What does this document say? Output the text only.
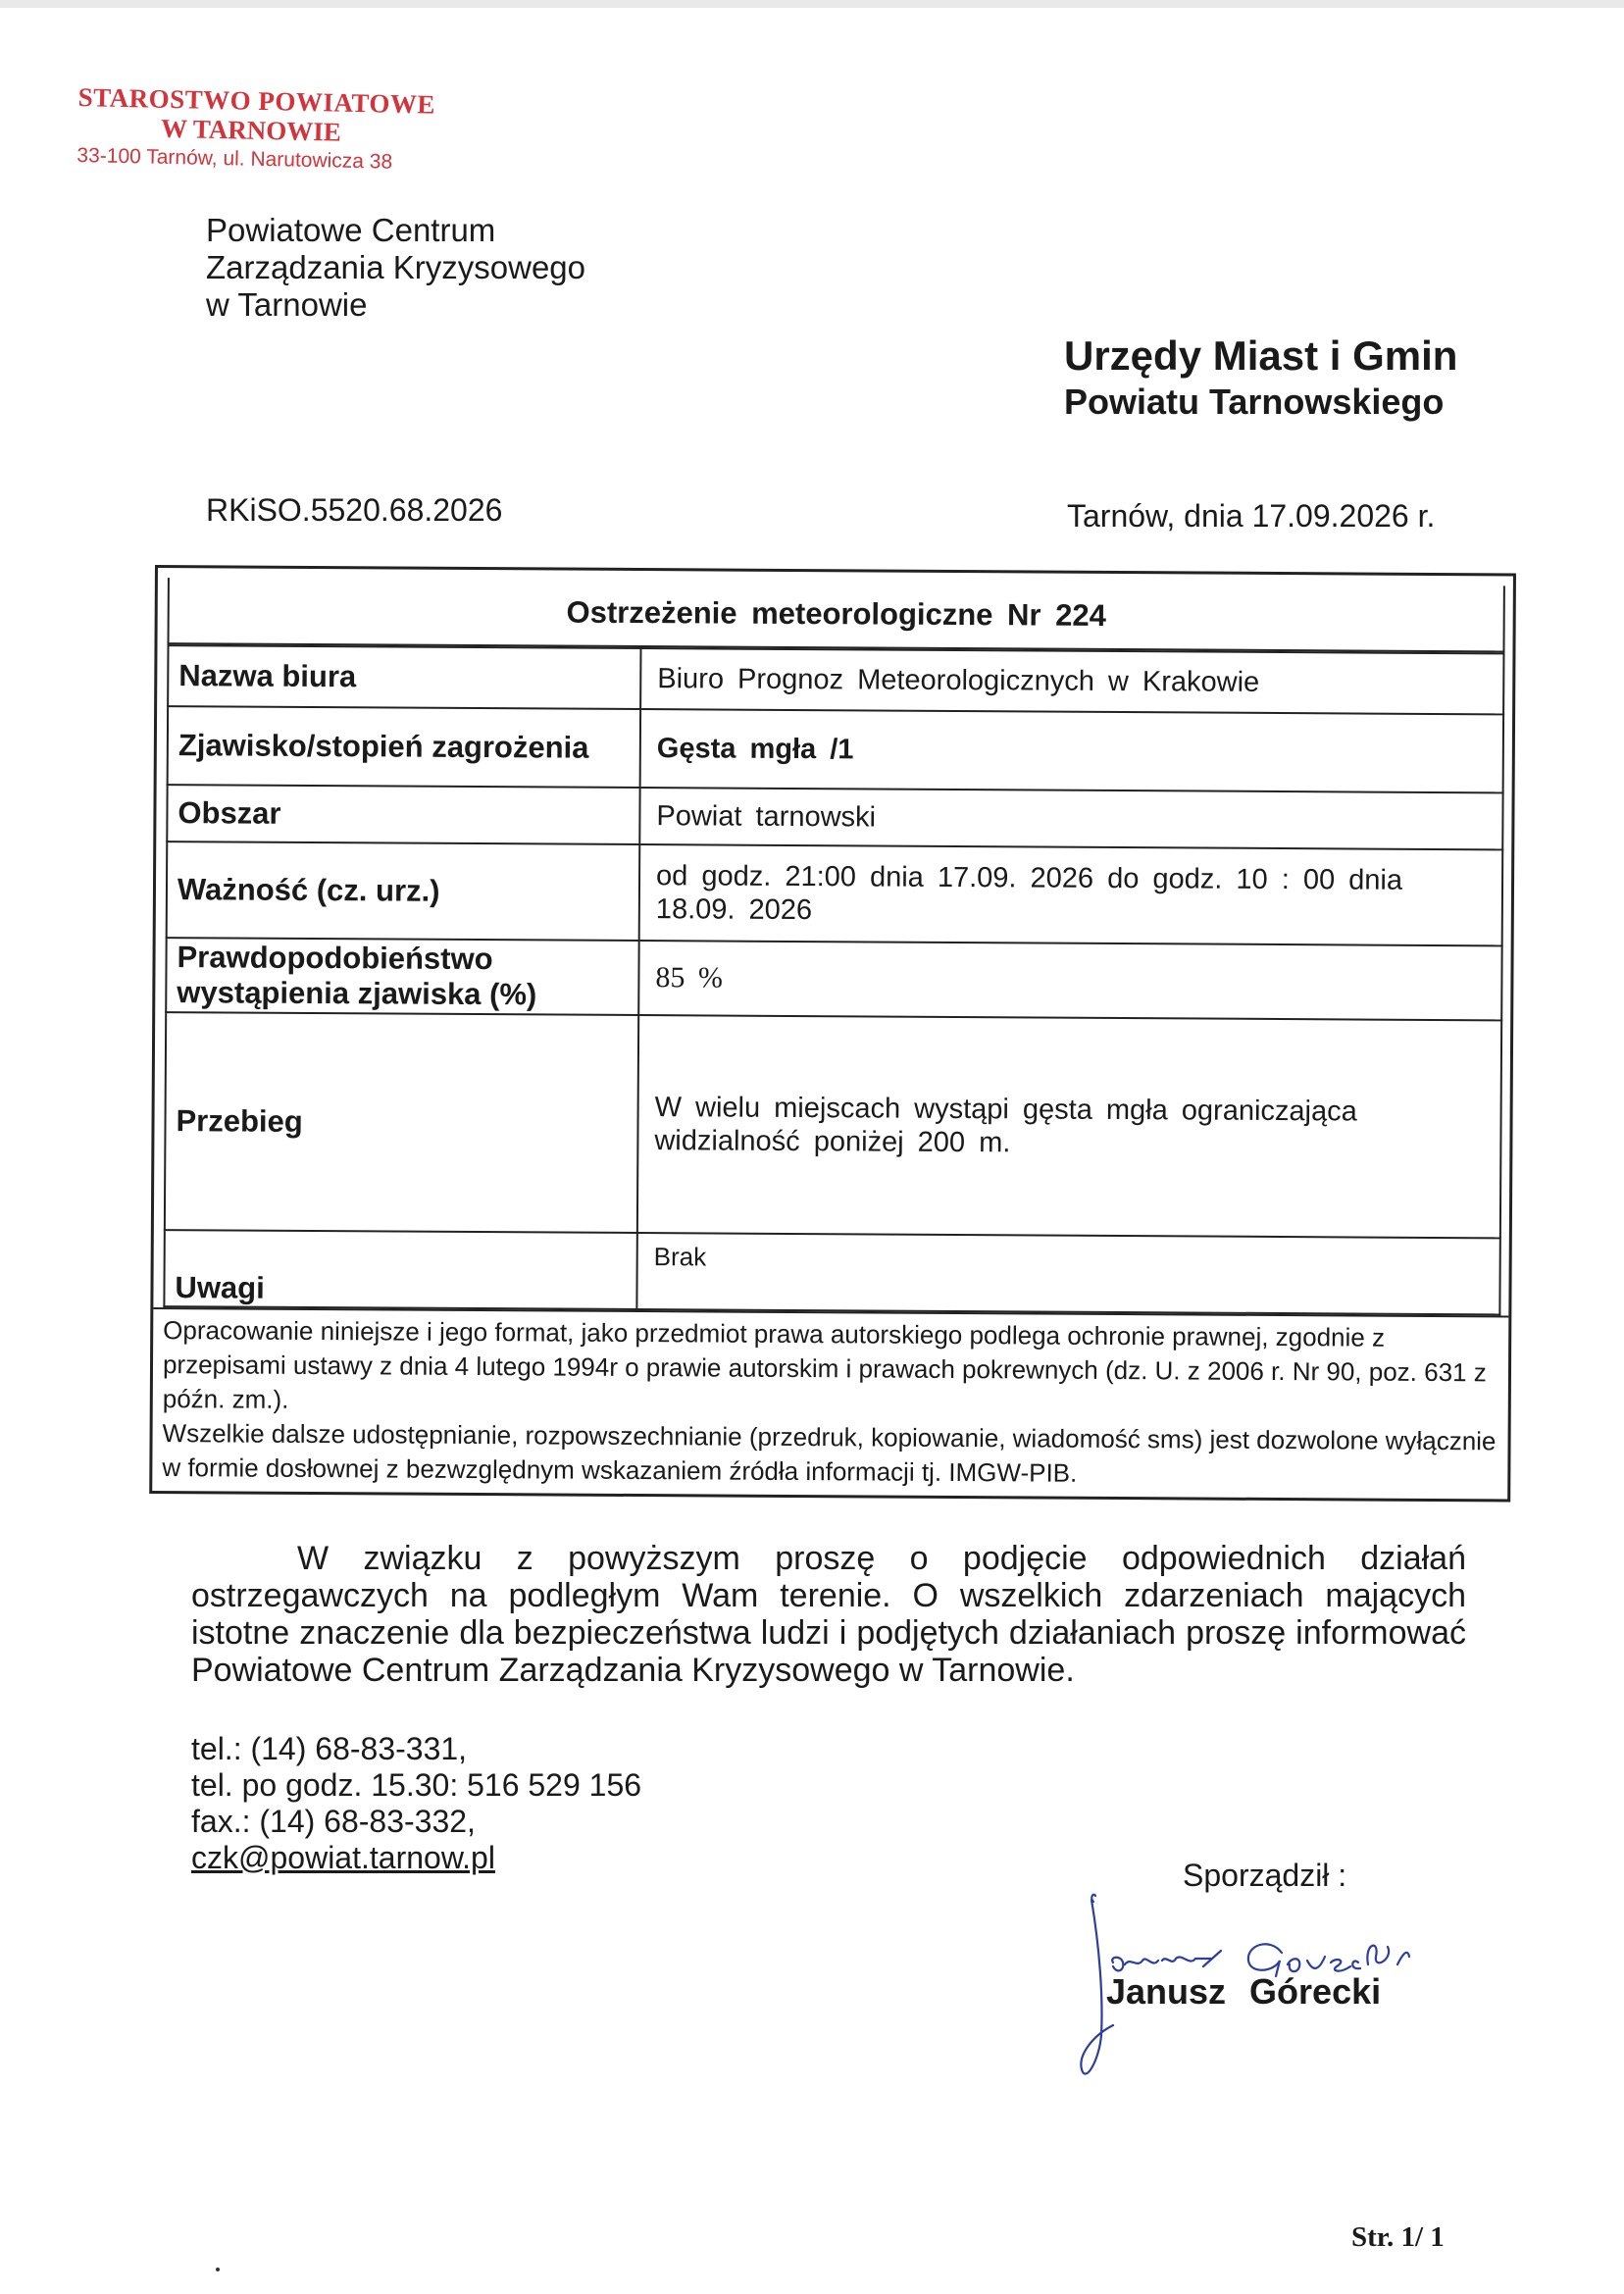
STAROSTWO POWIATOWE
W TARNOWIE
33-100 Tarnów, ul. Narutowicza 38
Powiatowe Centrum
Zarządzania Kryzysowego
w Tarnowie
Urzędy Miast i Gmin
Powiatu Tarnowskiego
RKiSO.5520.68.2026	Tarnów, dnia 17.09.2026 r.
Ostrzeżenie meteorologiczne Nr 224
Nazwa biura	Biuro Prognoz Meteorologicznych w Krakowie
Zjawisko/stopień zagrożenia	Gęsta mgła /1
Obszar	Powiat tarnowski
Ważność (cz. urz.)	od godz. 21:00 dnia 17.09. 2026 do godz. 10 : 00 dnia 18.09. 2026
Prawdopodobieństwo wystąpienia zjawiska (%)	85 %
Przebieg	W wielu miejscach wystąpi gęsta mgła ograniczająca widzialność poniżej 200 m.
Uwagi	Brak
Opracowanie niniejsze i jego format, jako przedmiot prawa autorskiego podlega ochronie prawnej, zgodnie z przepisami ustawy z dnia 4 lutego 1994r o prawie autorskim i prawach pokrewnych (dz. U. z 2006 r. Nr 90, poz. 631 z późn. zm.).
Wszelkie dalsze udostępnianie, rozpowszechnianie (przedruk, kopiowanie, wiadomość sms) jest dozwolone wyłącznie w formie dosłownej z bezwzględnym wskazaniem źródła informacji tj. IMGW-PIB.

W związku z powyższym proszę o podjęcie odpowiednich działań ostrzegawczych na podległym Wam terenie. O wszelkich zdarzeniach mających istotne znaczenie dla bezpieczeństwa ludzi i podjętych działaniach proszę informować Powiatowe Centrum Zarządzania Kryzysowego w Tarnowie.

tel.: (14) 68-83-331,
tel. po godz. 15.30: 516 529 156
fax.: (14) 68-83-332,
czk@powiat.tarnow.pl	Sporządził :
Janusz Górecki
Str. 1/ 1
